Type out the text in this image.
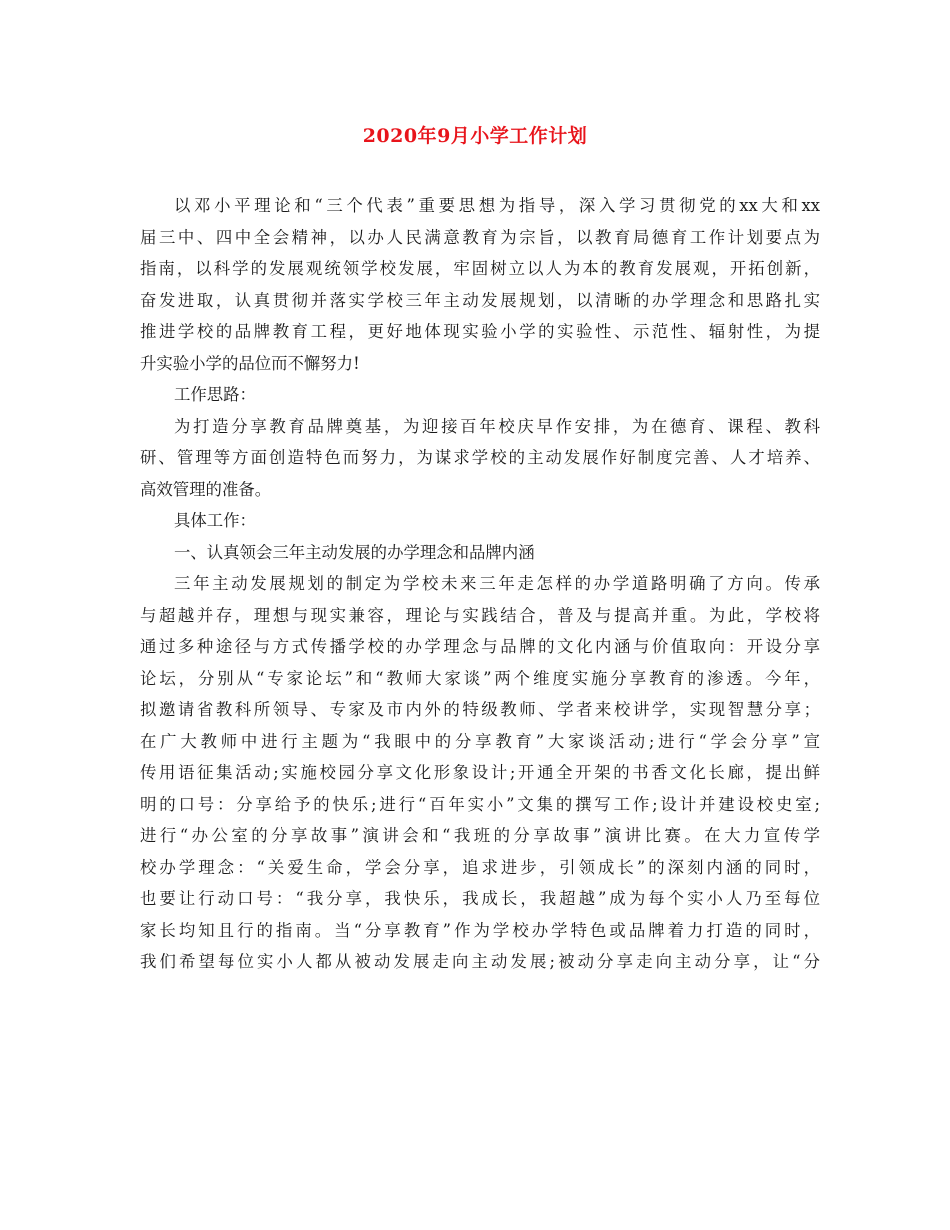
2020年9月小学工作计划
以邓小平理论和“三个代表”重要思想为指导，深入学习贯彻党的xx大和xx
届三中、四中全会精神，以办人民满意教育为宗旨，以教育局德育工作计划要点为
指南，以科学的发展观统领学校发展，牢固树立以人为本的教育发展观，开拓创新，
奋发进取，认真贯彻并落实学校三年主动发展规划，以清晰的办学理念和思路扎实
推进学校的品牌教育工程，更好地体现实验小学的实验性、示范性、辐射性，为提
升实验小学的品位而不懈努力!
工作思路：
为打造分享教育品牌奠基，为迎接百年校庆早作安排，为在德育、课程、教科
研、管理等方面创造特色而努力，为谋求学校的主动发展作好制度完善、人才培养、
高效管理的准备。
具体工作：
一、认真领会三年主动发展的办学理念和品牌内涵
三年主动发展规划的制定为学校未来三年走怎样的办学道路明确了方向。传承
与超越并存，理想与现实兼容，理论与实践结合，普及与提高并重。为此，学校将
通过多种途径与方式传播学校的办学理念与品牌的文化内涵与价值取向：开设分享
论坛，分别从“专家论坛”和“教师大家谈”两个维度实施分享教育的渗透。今年，
拟邀请省教科所领导、专家及市内外的特级教师、学者来校讲学，实现智慧分享；
在广大教师中进行主题为“我眼中的分享教育”大家谈活动;进行“学会分享”宣
传用语征集活动;实施校园分享文化形象设计;开通全开架的书香文化长廊，提出鲜
明的口号：分享给予的快乐;进行“百年实小”文集的撰写工作;设计并建设校史室;
进行“办公室的分享故事”演讲会和“我班的分享故事”演讲比赛。在大力宣传学
校办学理念：“关爱生命，学会分享，追求进步，引领成长”的深刻内涵的同时，
也要让行动口号：“我分享，我快乐，我成长，我超越”成为每个实小人乃至每位
家长均知且行的指南。当“分享教育”作为学校办学特色或品牌着力打造的同时，
我们希望每位实小人都从被动发展走向主动发展;被动分享走向主动分享，让“分
